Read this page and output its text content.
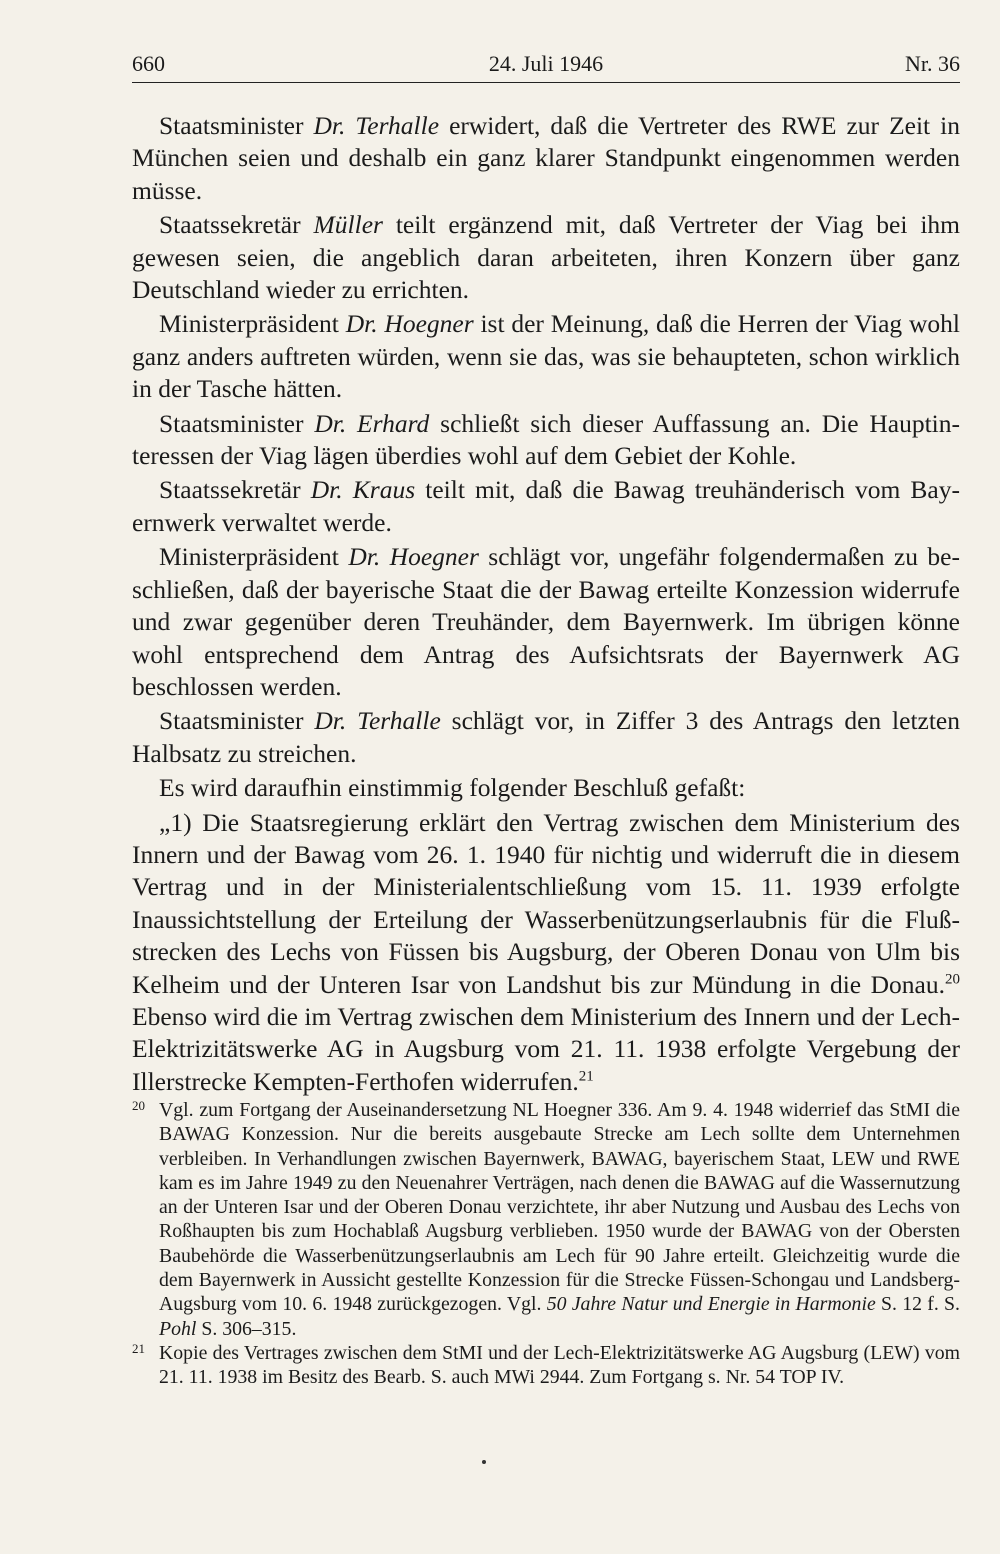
660	24. Juli 1946	Nr. 36

Staatsminister Dr. Terhalle erwidert, daß die Vertreter des RWE zur Zeit in München seien und deshalb ein ganz klarer Standpunkt eingenommen werden müsse.

Staatssekretär Müller teilt ergänzend mit, daß Vertreter der Viag bei ihm gewesen seien, die angeblich daran arbeiteten, ihren Konzern über ganz Deutschland wieder zu errichten.

Ministerpräsident Dr. Hoegner ist der Meinung, daß die Herren der Viag wohl ganz anders auftreten würden, wenn sie das, was sie behaupteten, schon wirklich in der Tasche hätten.

Staatsminister Dr. Erhard schließt sich dieser Auffassung an. Die Hauptinteressen der Viag lägen überdies wohl auf dem Gebiet der Kohle.

Staatssekretär Dr. Kraus teilt mit, daß die Bawag treuhänderisch vom Bayernwerk verwaltet werde.

Ministerpräsident Dr. Hoegner schlägt vor, ungefähr folgendermaßen zu beschließen, daß der bayerische Staat die der Bawag erteilte Konzession widerrufe und zwar gegenüber deren Treuhänder, dem Bayernwerk. Im übrigen könne wohl entsprechend dem Antrag des Aufsichtsrats der Bayernwerk AG beschlossen werden.

Staatsminister Dr. Terhalle schlägt vor, in Ziffer 3 des Antrags den letzten Halbsatz zu streichen.

Es wird daraufhin einstimmig folgender Beschluß gefaßt:

„1) Die Staatsregierung erklärt den Vertrag zwischen dem Ministerium des Innern und der Bawag vom 26. 1. 1940 für nichtig und widerruft die in diesem Vertrag und in der Ministerialentschließung vom 15. 11. 1939 erfolgte Inaussichtstellung der Erteilung der Wasserbenützungserlaubnis für die Flußstrecken des Lechs von Füssen bis Augsburg, der Oberen Donau von Ulm bis Kelheim und der Unteren Isar von Landshut bis zur Mündung in die Donau.$^{20}$ Ebenso wird die im Vertrag zwischen dem Ministerium des Innern und der Lech-Elektrizitätswerke AG in Augsburg vom 21. 11. 1938 erfolgte Vergebung der Illerstrecke Kempten-Ferthofen widerrufen.$^{21}$

20 Vgl. zum Fortgang der Auseinandersetzung NL Hoegner 336. Am 9. 4. 1948 widerrief das StMI die BAWAG Konzession. Nur die bereits ausgebaute Strecke am Lech sollte dem Unternehmen verbleiben. In Verhandlungen zwischen Bayernwerk, BAWAG, bayerischem Staat, LEW und RWE kam es im Jahre 1949 zu den Neuenahrer Verträgen, nach denen die BAWAG auf die Wassernutzung an der Unteren Isar und der Oberen Donau verzichtete, ihr aber Nutzung und Ausbau des Lechs von Roßhaupten bis zum Hochablaß Augsburg verblieben. 1950 wurde der BAWAG von der Obersten Baubehörde die Wasserbenützungserlaubnis am Lech für 90 Jahre erteilt. Gleichzeitig wurde die dem Bayernwerk in Aussicht gestellte Konzession für die Strecke Füssen-Schongau und Landsberg-Augsburg vom 10. 6. 1948 zurückgezogen. Vgl. 50 Jahre Natur und Energie in Harmonie S. 12 f. S. Pohl S. 306–315.
21 Kopie des Vertrages zwischen dem StMI und der Lech-Elektrizitätswerke AG Augsburg (LEW) vom 21. 11. 1938 im Besitz des Bearb. S. auch MWi 2944. Zum Fortgang s. Nr. 54 TOP IV.
